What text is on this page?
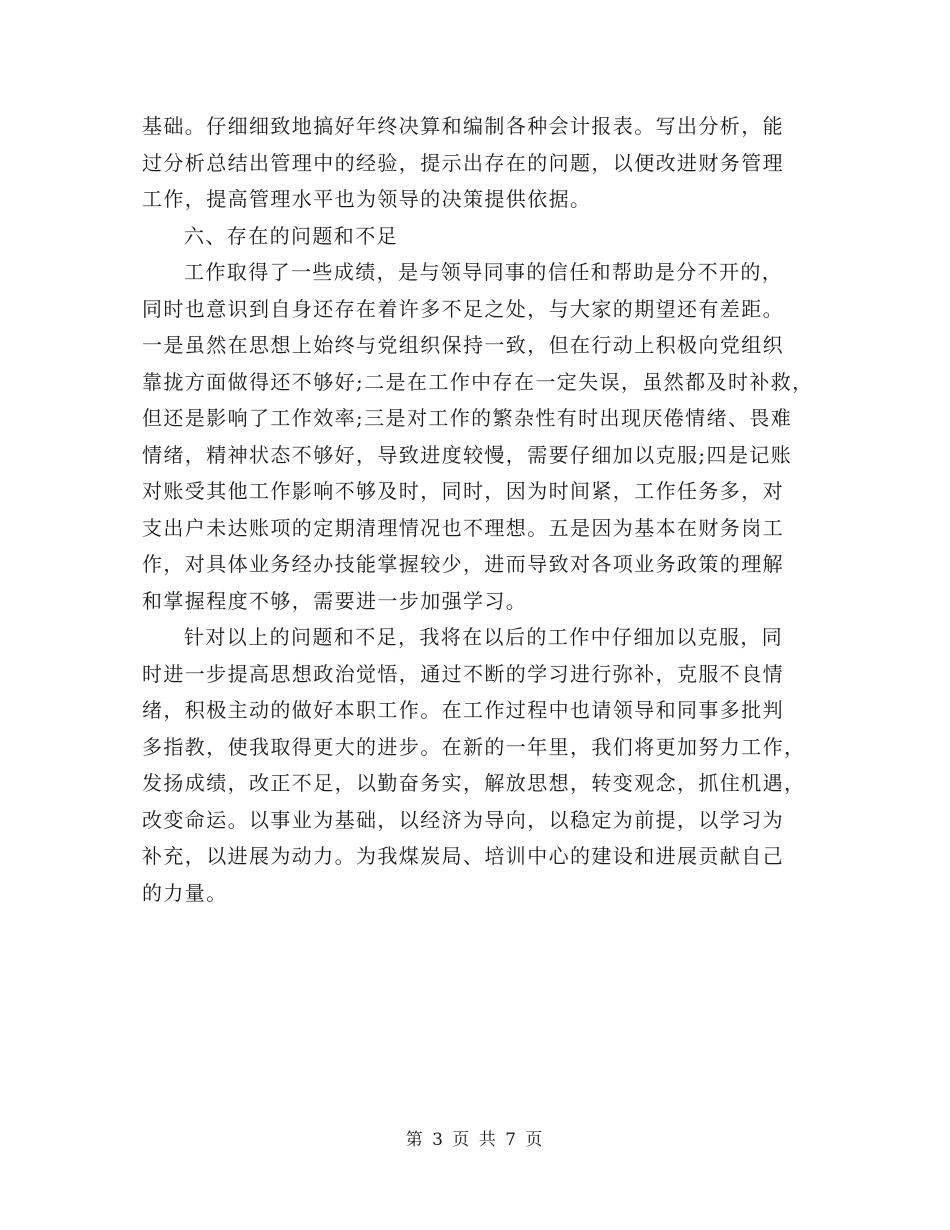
基础。仔细细致地搞好年终决算和编制各种会计报表。写出分析，能
过分析总结出管理中的经验，提示出存在的问题，以便改进财务管理
工作，提高管理水平也为领导的决策提供依据。
六、存在的问题和不足
工作取得了一些成绩，是与领导同事的信任和帮助是分不开的，
同时也意识到自身还存在着许多不足之处，与大家的期望还有差距。
一是虽然在思想上始终与党组织保持一致，但在行动上积极向党组织
靠拢方面做得还不够好;二是在工作中存在一定失误，虽然都及时补救，
但还是影响了工作效率;三是对工作的繁杂性有时出现厌倦情绪、畏难
情绪，精神状态不够好，导致进度较慢，需要仔细加以克服;四是记账
对账受其他工作影响不够及时，同时，因为时间紧，工作任务多，对
支出户未达账项的定期清理情况也不理想。五是因为基本在财务岗工
作，对具体业务经办技能掌握较少，进而导致对各项业务政策的理解
和掌握程度不够，需要进一步加强学习。
针对以上的问题和不足，我将在以后的工作中仔细加以克服，同
时进一步提高思想政治觉悟，通过不断的学习进行弥补，克服不良情
绪，积极主动的做好本职工作。在工作过程中也请领导和同事多批判
多指教，使我取得更大的进步。在新的一年里，我们将更加努力工作，
发扬成绩，改正不足，以勤奋务实，解放思想，转变观念，抓住机遇，
改变命运。以事业为基础，以经济为导向，以稳定为前提，以学习为
补充，以进展为动力。为我煤炭局、培训中心的建设和进展贡献自己
的力量。
第 3 页 共 7 页
